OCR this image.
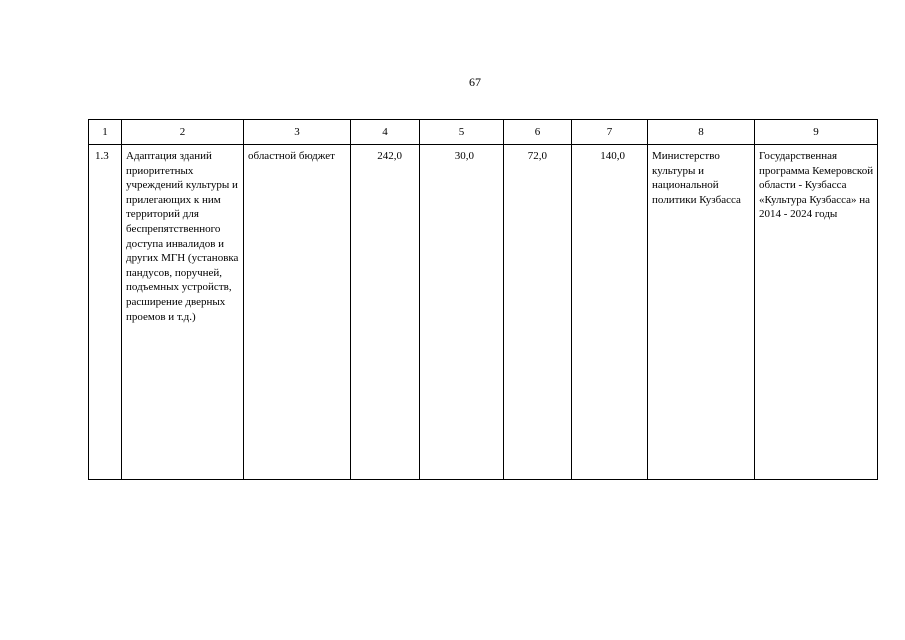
67
1	2	3	4	5	6	7	8	9
1.3	Адаптация зданий приоритетных учреждений культуры и прилегающих к ним территорий для беспрепятственного доступа инвалидов и других МГН (установка пандусов, поручней, подъемных устройств, расширение дверных проемов и т.д.)	областной бюджет	242,0	30,0	72,0	140,0	Министерство культуры и национальной политики Кузбасса	Государственная программа Кемеровской области - Кузбасса «Культура Кузбасса» на 2014 - 2024 годы
